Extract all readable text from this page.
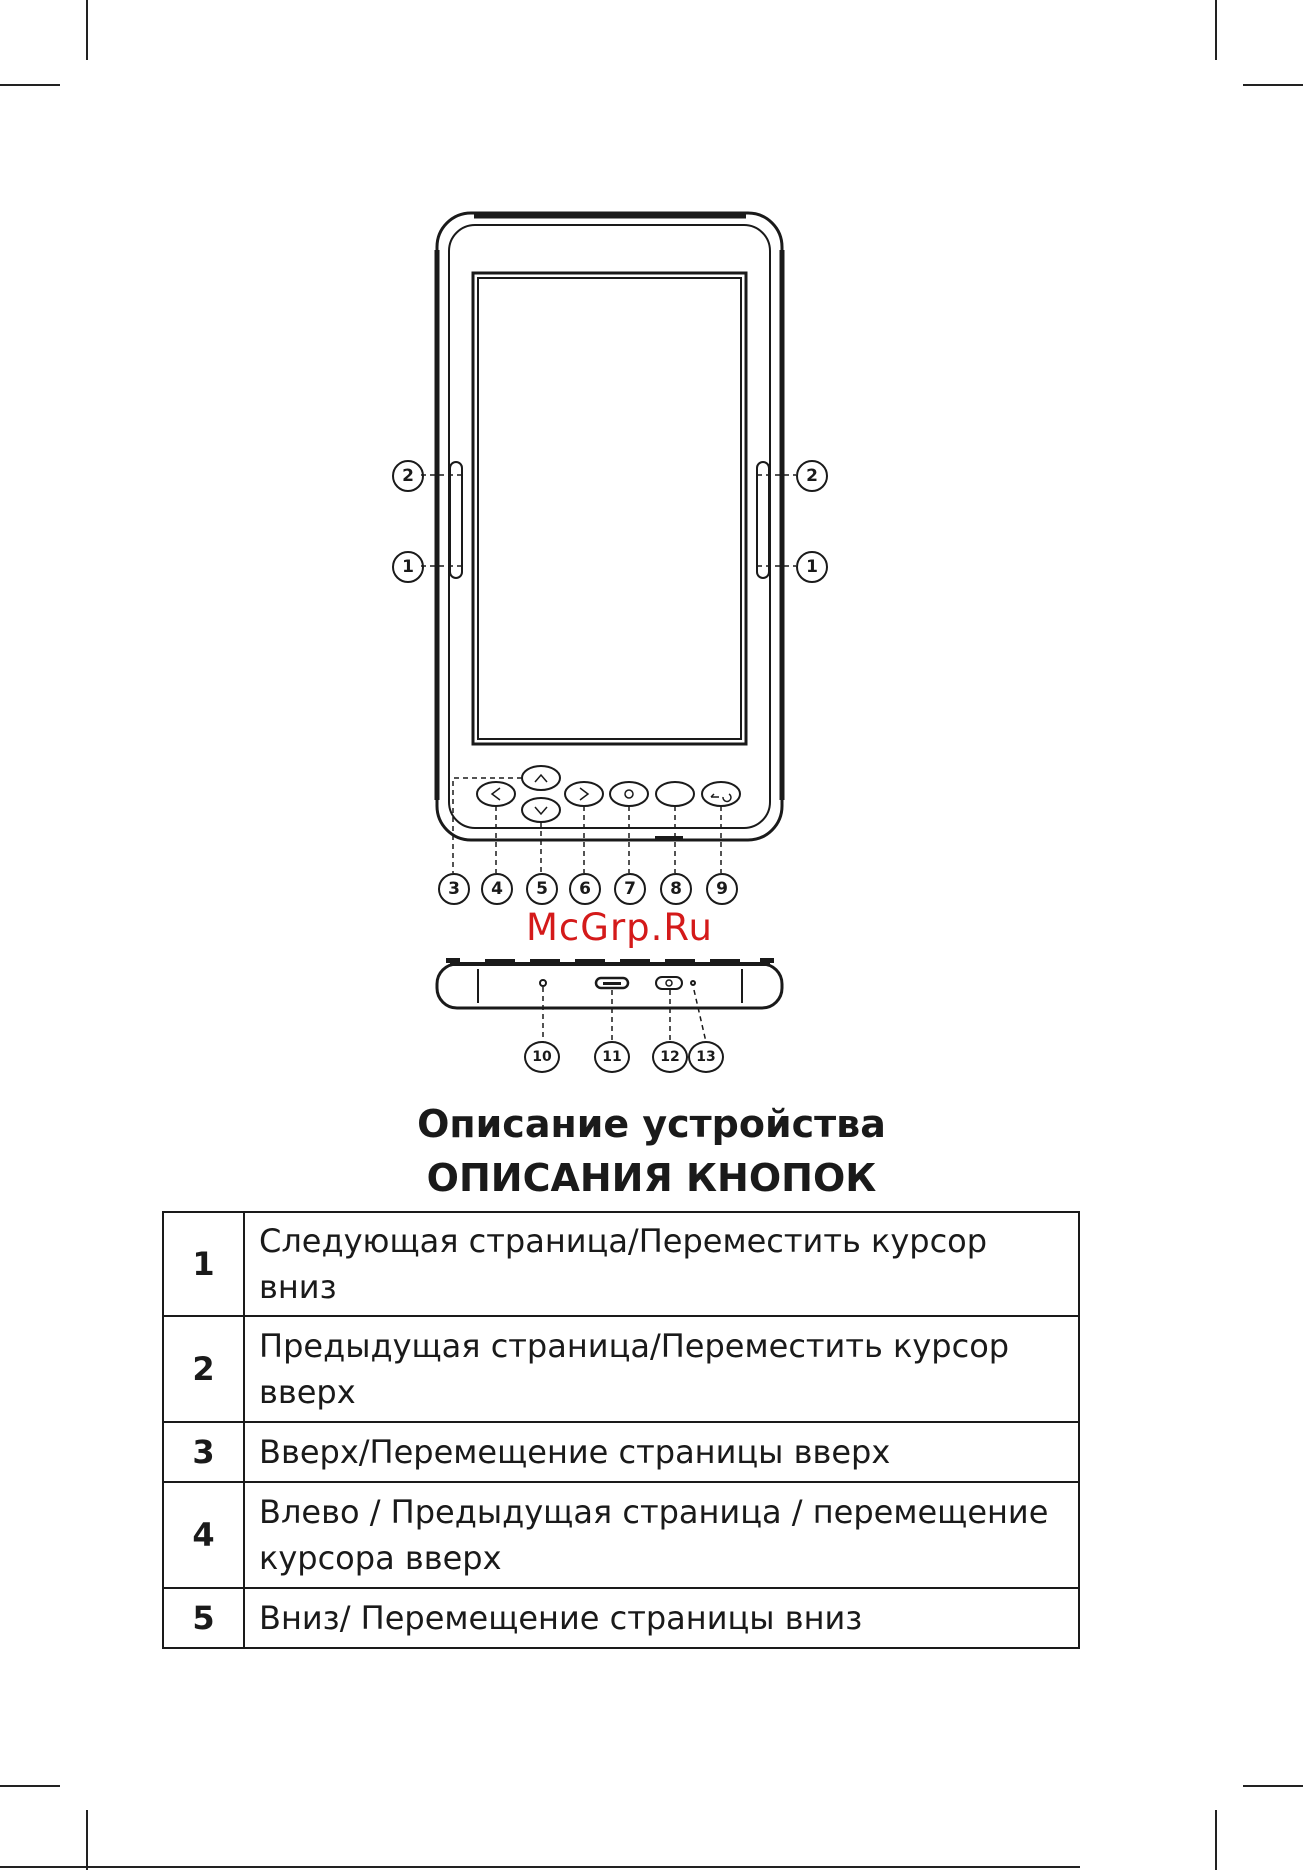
McGrp.Ru
2
1
2
1
3 4 5 6 7 8 9
10	11	12 13
Описание устройства
ОПИСАНИЯ КНОПОК
1	Следующая страница/Переместить курсор вниз
2	Предыдущая страница/Переместить курсор вверх
3	Вверх/Перемещение страницы вверх
4	Влево / Предыдущая страница / перемещение курсора вверх
5	Вниз/ Перемещение страницы вниз
